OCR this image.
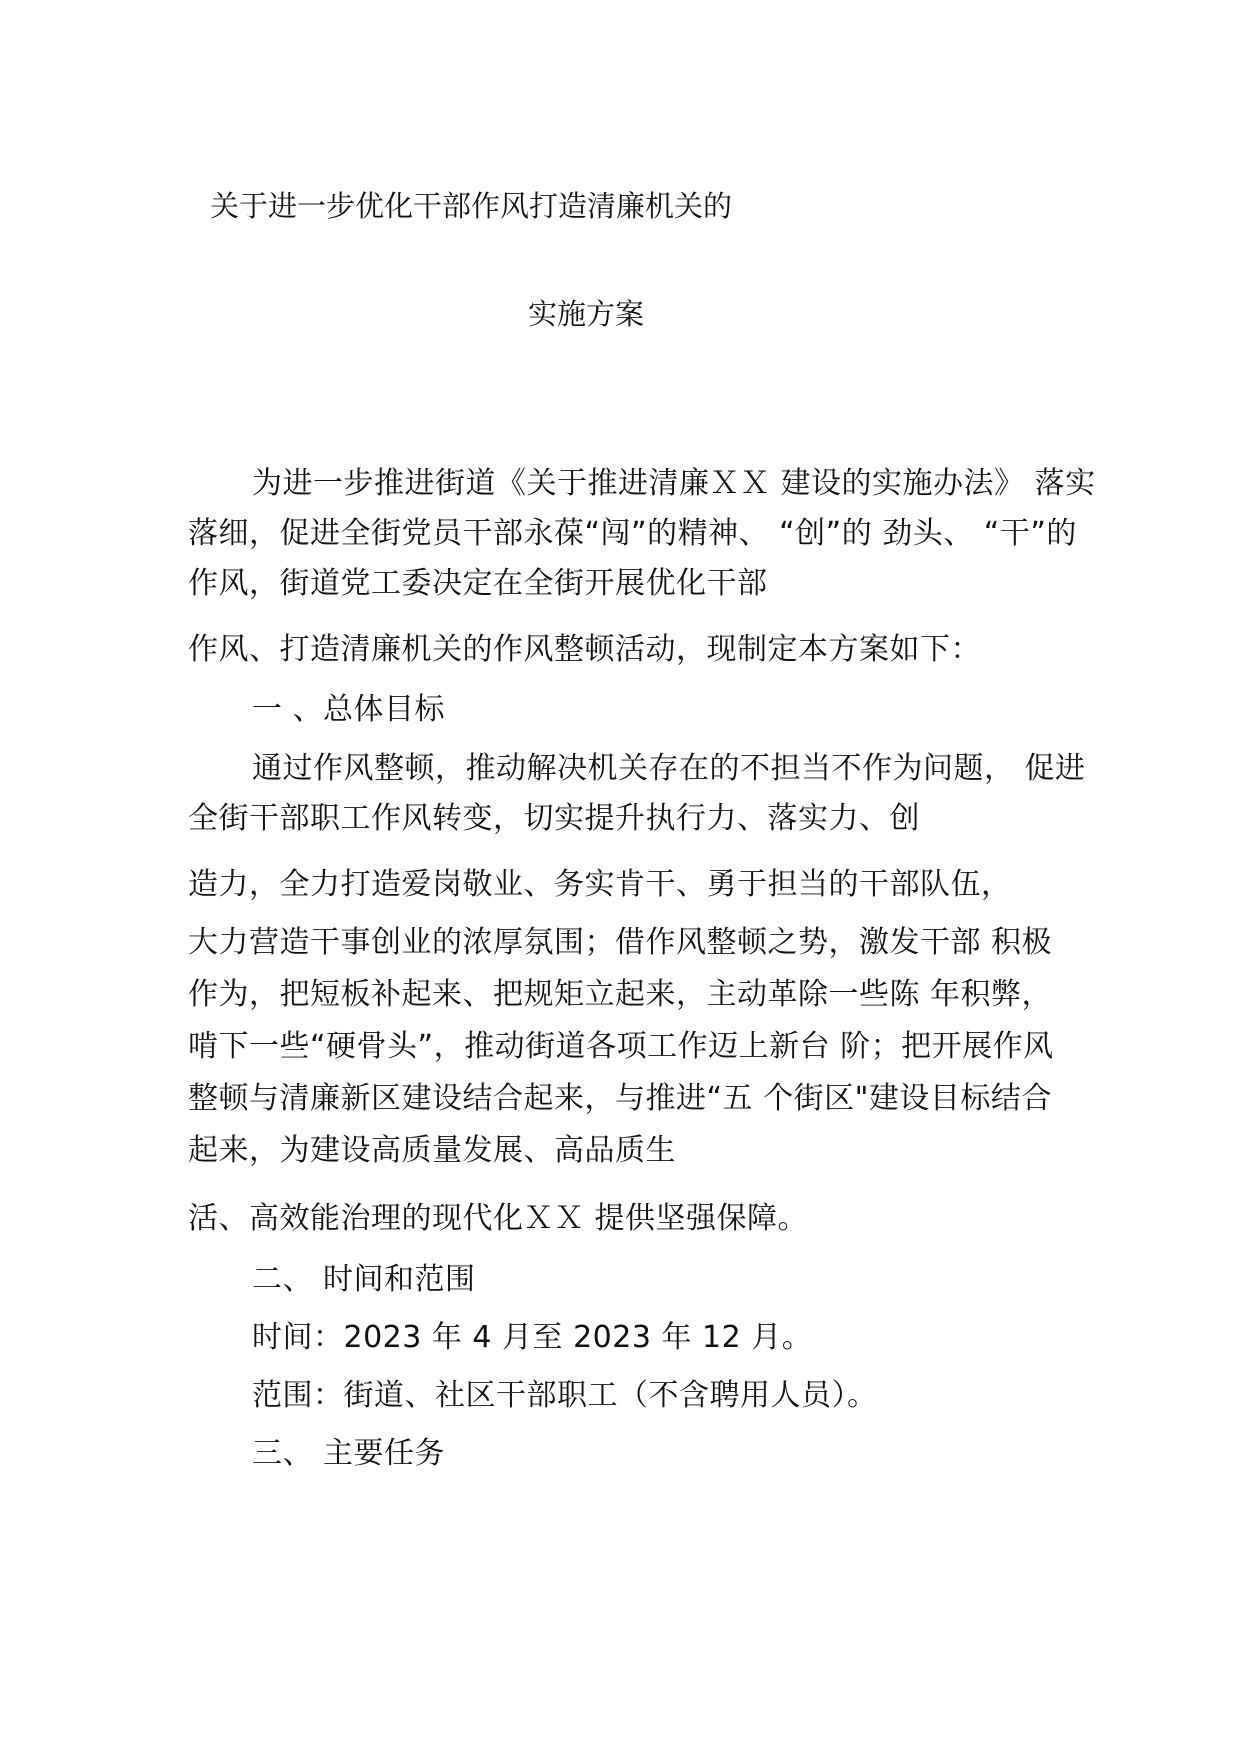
关于进一步优化干部作风打造清廉机关的
实施方案
为进一步推进街道《关于推进清廉ＸＸ 建设的实施办法》 落实
落细，促进全街党员干部永葆“闯”的精神、 “创”的 劲头、 “干”的
作风，街道党工委决定在全街开展优化干部
作风、打造清廉机关的作风整顿活动，现制定本方案如下：
一 、总体目标
通过作风整顿，推动解决机关存在的不担当不作为问题， 促进
全街干部职工作风转变，切实提升执行力、落实力、创
造力，全力打造爱岗敬业、务实肯干、勇于担当的干部队伍，
大力营造干事创业的浓厚氛围；借作风整顿之势，激发干部 积极
作为，把短板补起来、把规矩立起来，主动革除一些陈 年积弊，
啃下一些“硬骨头”，推动街道各项工作迈上新台 阶；把开展作风
整顿与清廉新区建设结合起来，与推进“五 个街区"建设目标结合
起来，为建设高质量发展、高品质生
活、高效能治理的现代化ＸＸ 提供坚强保障。
二、 时间和范围
时间：2023 年 4 月至 2023 年 12 月。
范围：街道、社区干部职工（不含聘用人员）。
三、 主要任务
